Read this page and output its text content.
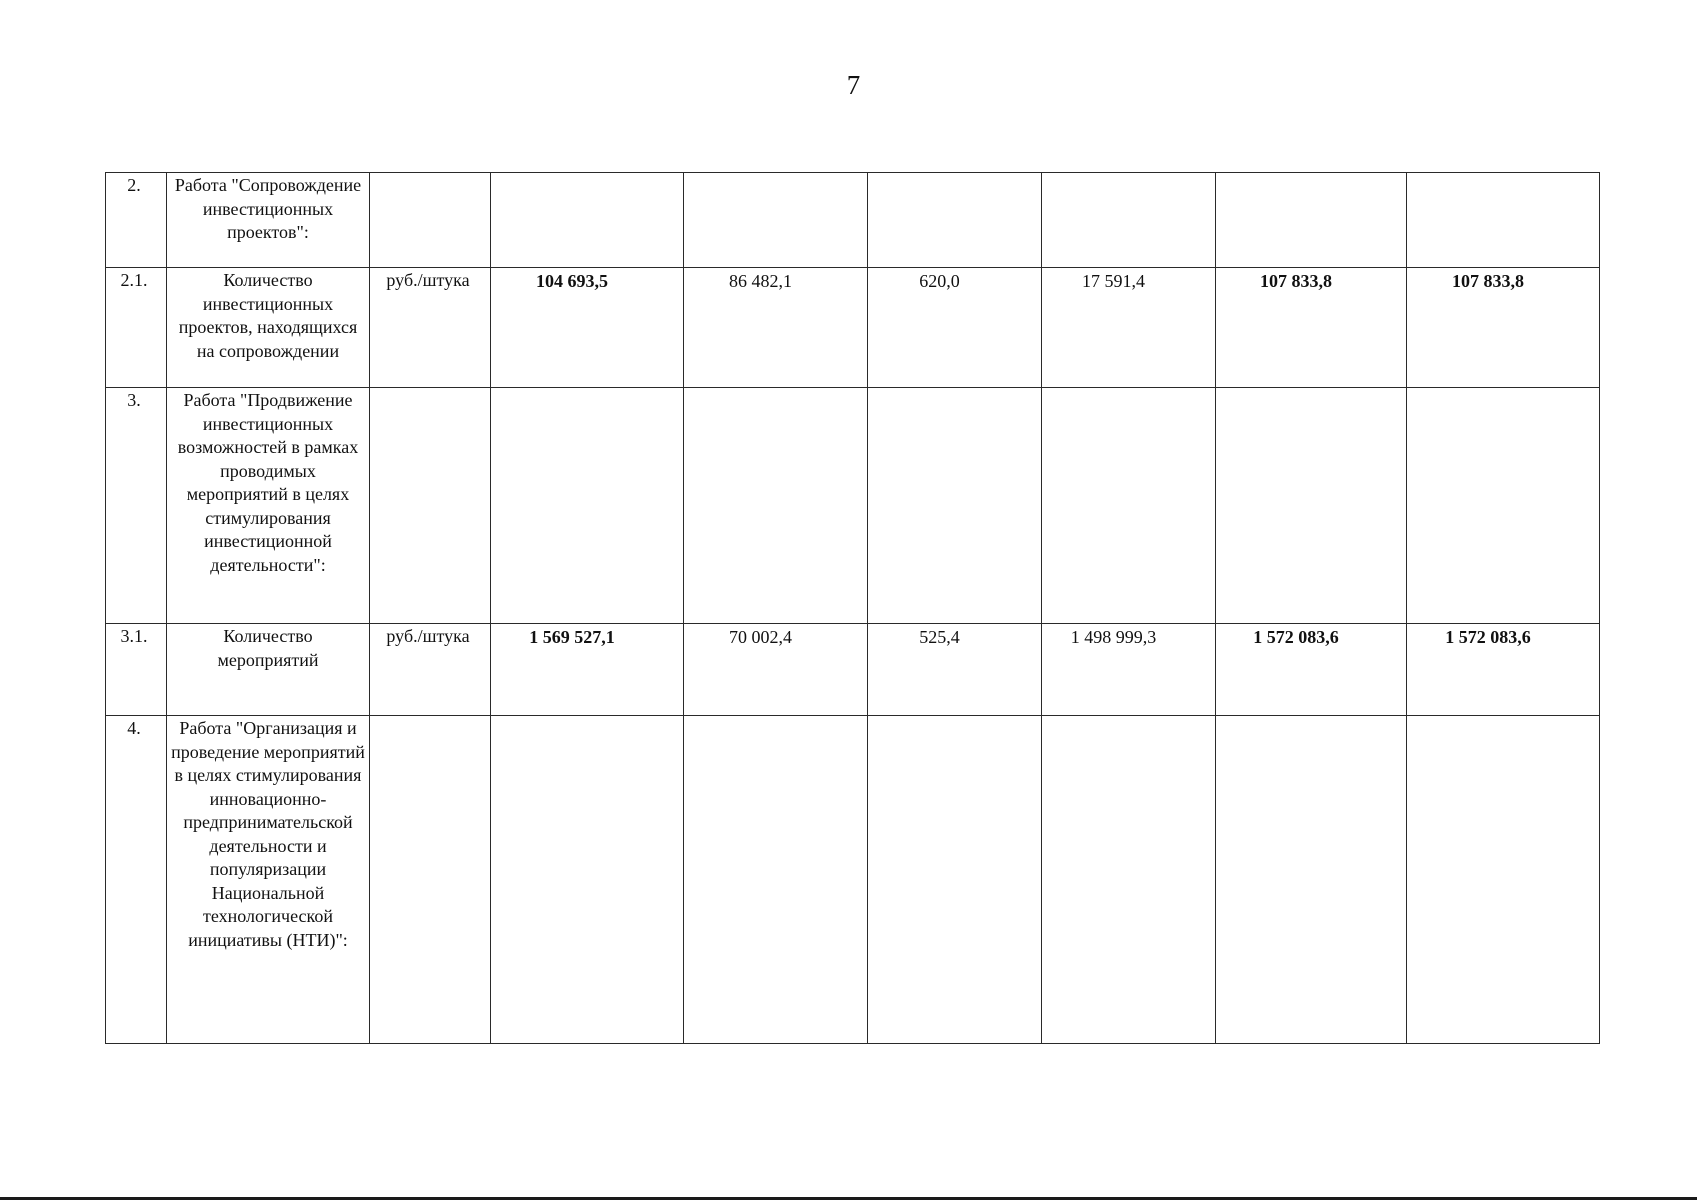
7
2.	Работа "Сопровождение инвестиционных проектов":							
2.1.	Количество инвестиционных проектов, находящихся на сопровождении	руб./штука	104 693,5	86 482,1	620,0	17 591,4	107 833,8	107 833,8
3.	Работа "Продвижение инвестиционных возможностей в рамках проводимых мероприятий в целях стимулирования инвестиционной деятельности":							
3.1.	Количество мероприятий	руб./штука	1 569 527,1	70 002,4	525,4	1 498 999,3	1 572 083,6	1 572 083,6
4.	Работа "Организация и проведение мероприятий в целях стимулирования инновационно-предпринимательской деятельности и популяризации Национальной технологической инициативы (НТИ)":							
